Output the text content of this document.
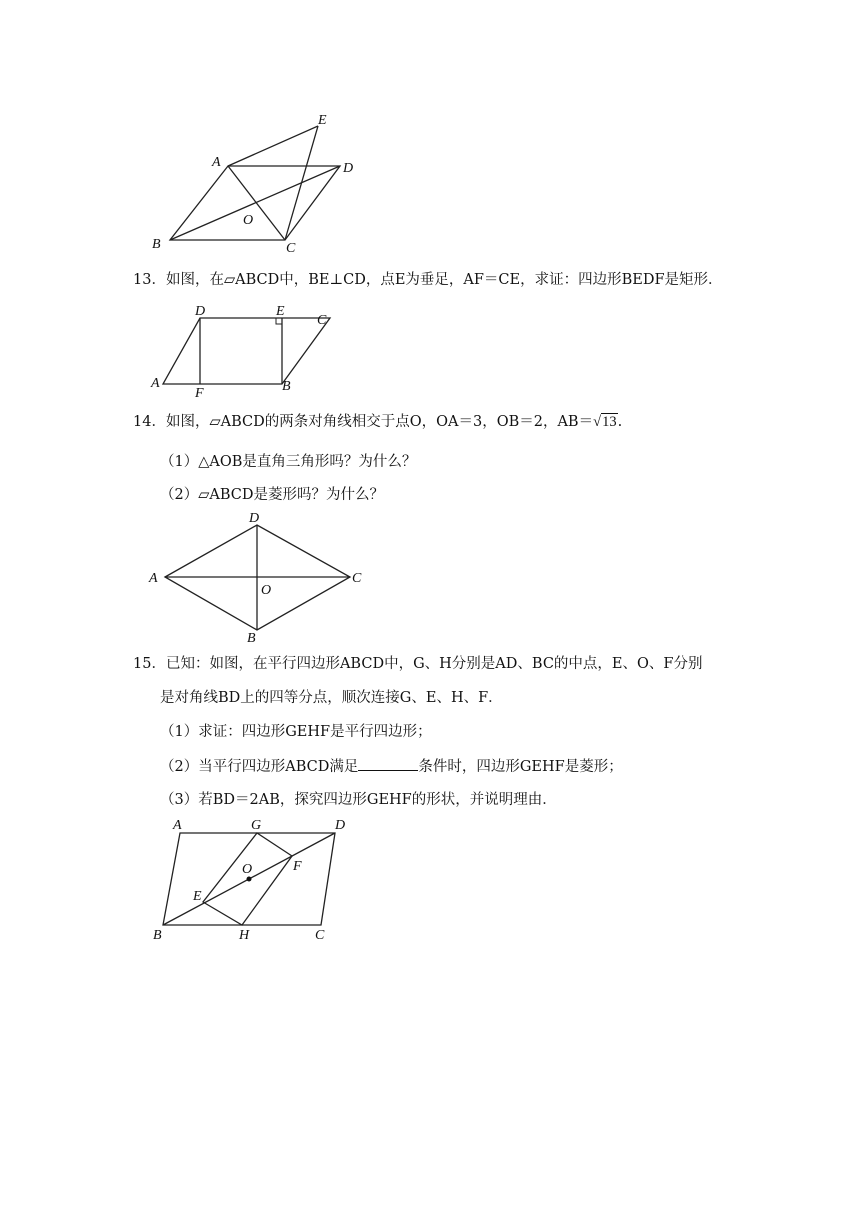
E
A	D
O
B	C
13．如图，在▱ABCD中，BE⊥CD，点E为垂足，AF＝CE，求证：四边形BEDF是矩形．
D	E
C
A
F	B
14．如图，▱ABCD的两条对角线相交于点O，OA＝3，OB＝2，AB＝√13.
（1）△AOB是直角三角形吗？为什么？
（2）▱ABCD是菱形吗？为什么？
D
A	C
O
B
15．已知：如图，在平行四边形ABCD中，G、H分别是AD、BC的中点，E、O、F分别
是对角线BD上的四等分点，顺次连接G、E、H、F．
（1）求证：四边形GEHF是平行四边形；
（2）当平行四边形ABCD满足	条件时，四边形GEHF是菱形；
（3）若BD＝2AB，探究四边形GEHF的形状，并说明理由．
A	G	D
F
O
E
B	H	C
